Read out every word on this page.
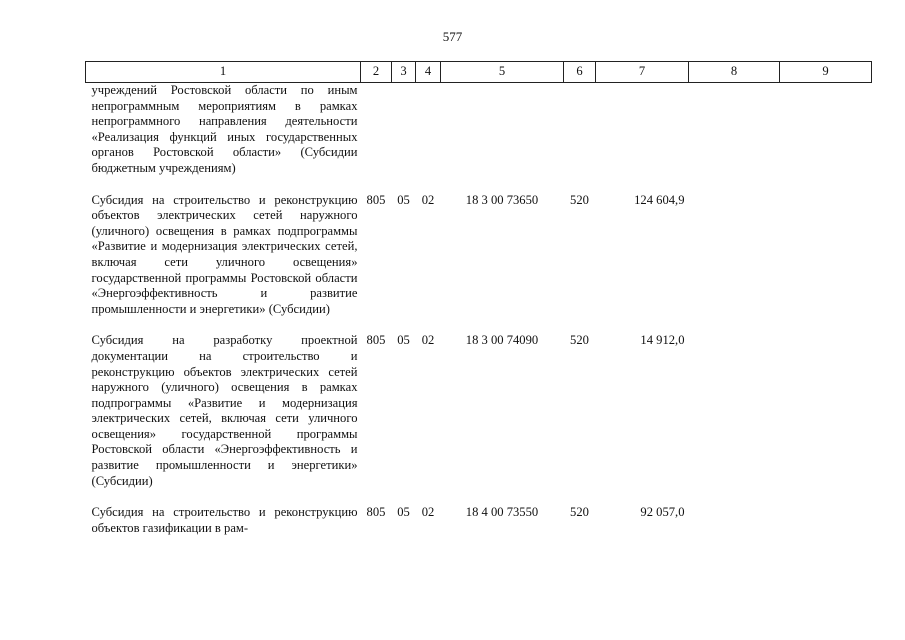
577
1	2	3	4	5	6	7	8	9
учреждений Ростовской области по иным непрограммным мероприятиям в рамках непрограммного направления деятельности «Реализация функций иных государственных органов Ростовской области» (Субсидии бюджетным учреждениям)								
Субсидия на строительство и реконструкцию объектов электрических сетей наружного (уличного) освещения в рамках подпрограммы «Развитие и модернизация электрических сетей, включая сети уличного освещения» государственной программы Ростовской области «Энергоэффективность и развитие промышленности и энергетики» (Субсидии)	805	05	02	18 3 00 73650	520	124 604,9		
Субсидия на разработку проектной документации на строительство и реконструкцию объектов электрических сетей наружного (уличного) освещения в рамках подпрограммы «Развитие и модернизация электрических сетей, включая сети уличного освещения» государственной программы Ростовской области «Энергоэффективность и развитие промышленности и энергетики» (Субсидии)	805	05	02	18 3 00 74090	520	14 912,0		
Субсидия на строительство и реконструкцию объектов газификации в рам-	805	05	02	18 4 00 73550	520	92 057,0		
